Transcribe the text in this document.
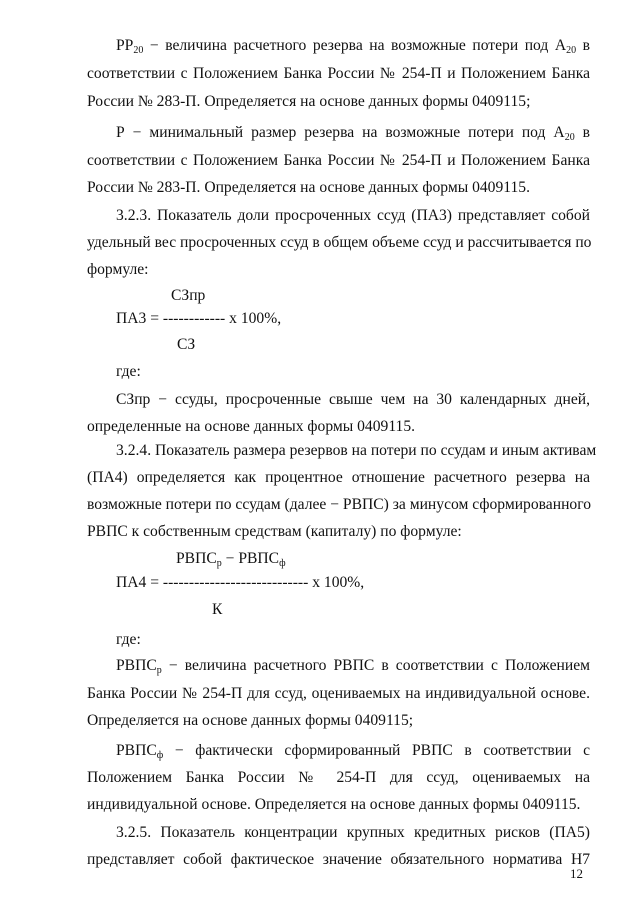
$РР_{20}$ − величина расчетного резерва на возможные потери под $А_{20}$ в
соответствии с Положением Банка России № 254-П и Положением Банка
России № 283-П. Определяется на основе данных формы 0409115;
Р − минимальный размер резерва на возможные потери под $А_{20}$ в
соответствии с Положением Банка России № 254-П и Положением Банка
России № 283-П. Определяется на основе данных формы 0409115.
3.2.3. Показатель доли просроченных ссуд (ПА3) представляет собой
удельный вес просроченных ссуд в общем объеме ссуд и рассчитывается по
формуле:
СЗпр
ПА3 = ------------ х 100%,
СЗ
где:
СЗпр − ссуды, просроченные свыше чем на 30 календарных дней,
определенные на основе данных формы 0409115.
3.2.4. Показатель размера резервов на потери по ссудам и иным активам
(ПА4) определяется как процентное отношение расчетного резерва на
возможные потери по ссудам (далее − РВПС) за минусом сформированного
РВПС к собственным средствам (капиталу) по формуле:
$РВПС_р$ − $РВПС_ф$
ПА4 = ---------------------------- х 100%,
К
где:
$РВПС_р$ − величина расчетного РВПС в соответствии с Положением
Банка России № 254-П для ссуд, оцениваемых на индивидуальной основе.
Определяется на основе данных формы 0409115;
$РВПС_ф$ − фактически сформированный РВПС в соответствии с
Положением Банка России № 254-П для ссуд, оцениваемых на
индивидуальной основе. Определяется на основе данных формы 0409115.
3.2.5. Показатель концентрации крупных кредитных рисков (ПА5)
представляет собой фактическое значение обязательного норматива Н7
12
